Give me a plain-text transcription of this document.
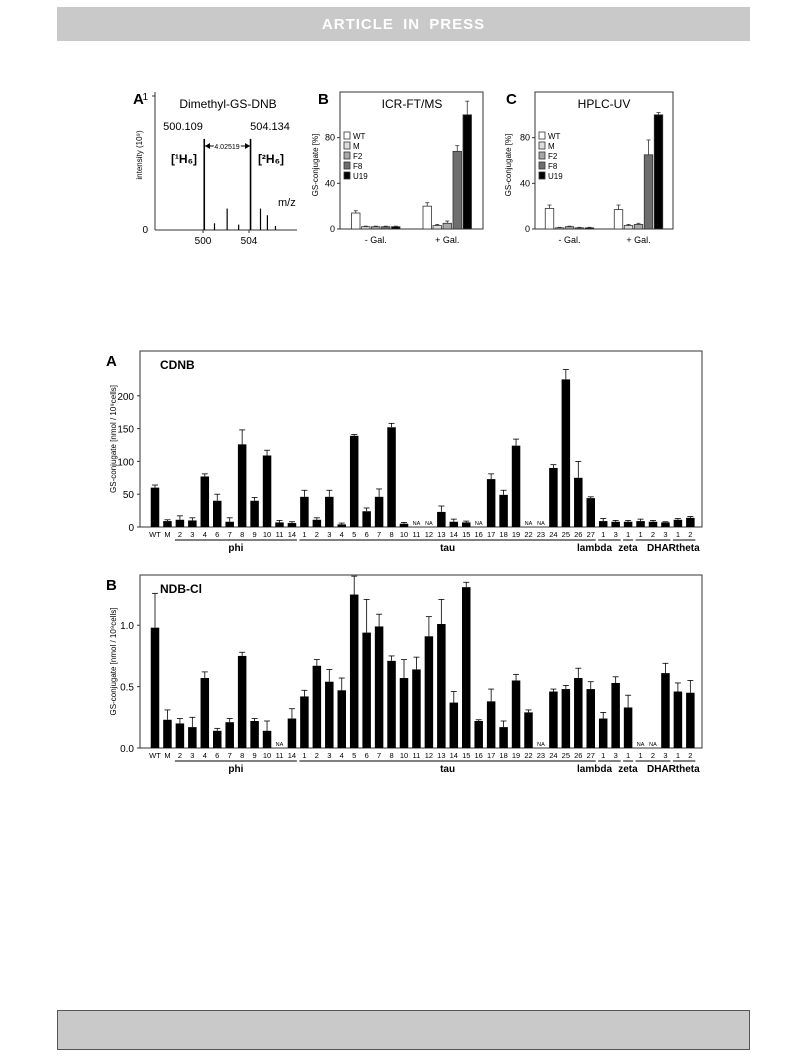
ARTICLE IN PRESS
A
1
0
intensity (10⁹)
Dimethyl-GS-DNB
500.109	504.134
4.02519
[¹H₆]	[²H₆]
m/z
500	504
B	ICR-FT/MS
GS-conjugate [%]
0
40
80
- Gal.	+ Gal.
WT
M
F2
F8
U19
C	HPLC-UV
GS-conjugate [%]
0
40
80
- Gal.	+ Gal.
WT
M
F2
F8
U19
A	CDNB
GS-conjugate [nmol / 10⁹cells]
0
50
100
150
200
WT M 2 3 4 6 7 8 9 10 11 14 1 2 3 4 5 6 7 8 10 11
NA
12
NA
13 14 15 16
NA
17 18 19 22
NA
23
NA
24 25 26 27 1 3 1 1 2 3 1 2
phi	tau	lambda zeta DHAR theta
B	NDB-Cl
GS-conjugate [nmol / 10⁹cells]
0.0
0.5
1.0
WT M 2 3 4 6 7 8 9 10 11
NA
14 1 2 3 4 5 6 7 8 10 11 12 13 14 15 16 17 18 19 22 23
NA
24 25 26 27 1 3 1 1
NA
2
NA
3 1 2
phi	tau	lambda zeta DHAR theta
